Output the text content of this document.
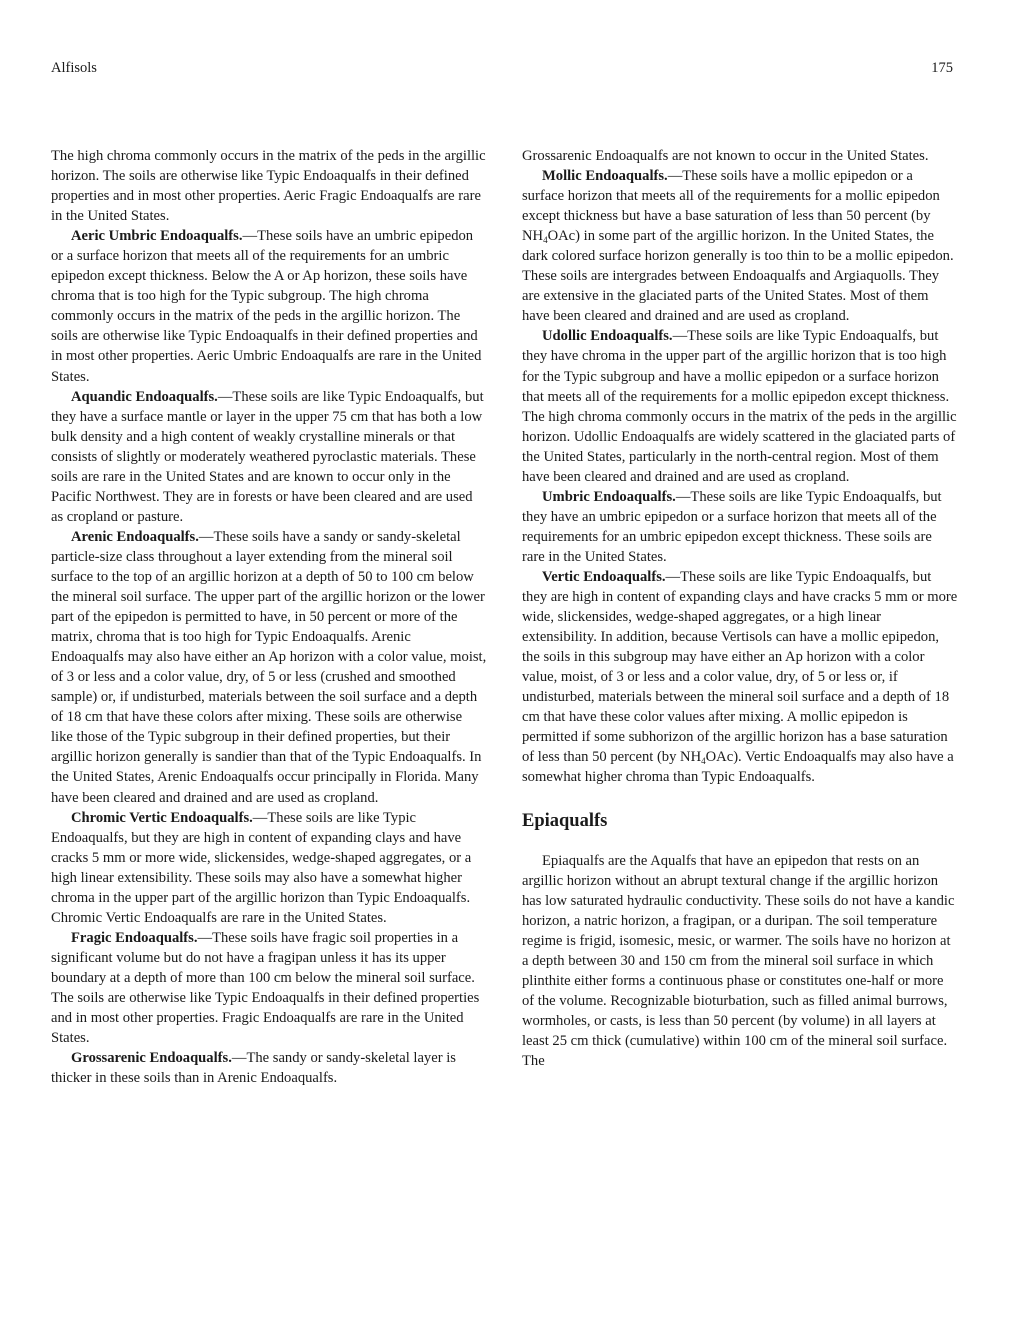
Alfisols	175

The high chroma commonly occurs in the matrix of the peds in the argillic horizon. The soils are otherwise like Typic Endoaqualfs in their defined properties and in most other properties. Aeric Fragic Endoaqualfs are rare in the United States.

Aeric Umbric Endoaqualfs.—These soils have an umbric epipedon or a surface horizon that meets all of the requirements for an umbric epipedon except thickness. Below the A or Ap horizon, these soils have chroma that is too high for the Typic subgroup. The high chroma commonly occurs in the matrix of the peds in the argillic horizon. The soils are otherwise like Typic Endoaqualfs in their defined properties and in most other properties. Aeric Umbric Endoaqualfs are rare in the United States.

Aquandic Endoaqualfs.—These soils are like Typic Endoaqualfs, but they have a surface mantle or layer in the upper 75 cm that has both a low bulk density and a high content of weakly crystalline minerals or that consists of slightly or moderately weathered pyroclastic materials. These soils are rare in the United States and are known to occur only in the Pacific Northwest. They are in forests or have been cleared and are used as cropland or pasture.

Arenic Endoaqualfs.—These soils have a sandy or sandy-skeletal particle-size class throughout a layer extending from the mineral soil surface to the top of an argillic horizon at a depth of 50 to 100 cm below the mineral soil surface. The upper part of the argillic horizon or the lower part of the epipedon is permitted to have, in 50 percent or more of the matrix, chroma that is too high for Typic Endoaqualfs. Arenic Endoaqualfs may also have either an Ap horizon with a color value, moist, of 3 or less and a color value, dry, of 5 or less (crushed and smoothed sample) or, if undisturbed, materials between the soil surface and a depth of 18 cm that have these colors after mixing. These soils are otherwise like those of the Typic subgroup in their defined properties, but their argillic horizon generally is sandier than that of the Typic Endoaqualfs. In the United States, Arenic Endoaqualfs occur principally in Florida. Many have been cleared and drained and are used as cropland.

Chromic Vertic Endoaqualfs.—These soils are like Typic Endoaqualfs, but they are high in content of expanding clays and have cracks 5 mm or more wide, slickensides, wedge-shaped aggregates, or a high linear extensibility. These soils may also have a somewhat higher chroma in the upper part of the argillic horizon than Typic Endoaqualfs. Chromic Vertic Endoaqualfs are rare in the United States.

Fragic Endoaqualfs.—These soils have fragic soil properties in a significant volume but do not have a fragipan unless it has its upper boundary at a depth of more than 100 cm below the mineral soil surface. The soils are otherwise like Typic Endoaqualfs in their defined properties and in most other properties. Fragic Endoaqualfs are rare in the United States.

Grossarenic Endoaqualfs.—The sandy or sandy-skeletal layer is thicker in these soils than in Arenic Endoaqualfs.

Grossarenic Endoaqualfs are not known to occur in the United States.

Mollic Endoaqualfs.—These soils have a mollic epipedon or a surface horizon that meets all of the requirements for a mollic epipedon except thickness but have a base saturation of less than 50 percent (by $NH_4OAc$) in some part of the argillic horizon. In the United States, the dark colored surface horizon generally is too thin to be a mollic epipedon. These soils are intergrades between Endoaqualfs and Argiaquolls. They are extensive in the glaciated parts of the United States. Most of them have been cleared and drained and are used as cropland.

Udollic Endoaqualfs.—These soils are like Typic Endoaqualfs, but they have chroma in the upper part of the argillic horizon that is too high for the Typic subgroup and have a mollic epipedon or a surface horizon that meets all of the requirements for a mollic epipedon except thickness. The high chroma commonly occurs in the matrix of the peds in the argillic horizon. Udollic Endoaqualfs are widely scattered in the glaciated parts of the United States, particularly in the north-central region. Most of them have been cleared and drained and are used as cropland.

Umbric Endoaqualfs.—These soils are like Typic Endoaqualfs, but they have an umbric epipedon or a surface horizon that meets all of the requirements for an umbric epipedon except thickness. These soils are rare in the United States.

Vertic Endoaqualfs.—These soils are like Typic Endoaqualfs, but they are high in content of expanding clays and have cracks 5 mm or more wide, slickensides, wedge-shaped aggregates, or a high linear extensibility. In addition, because Vertisols can have a mollic epipedon, the soils in this subgroup may have either an Ap horizon with a color value, moist, of 3 or less and a color value, dry, of 5 or less or, if undisturbed, materials between the mineral soil surface and a depth of 18 cm that have these color values after mixing. A mollic epipedon is permitted if some subhorizon of the argillic horizon has a base saturation of less than 50 percent (by $NH_4OAc$). Vertic Endoaqualfs may also have a somewhat higher chroma than Typic Endoaqualfs.

Epiaqualfs

Epiaqualfs are the Aqualfs that have an epipedon that rests on an argillic horizon without an abrupt textural change if the argillic horizon has low saturated hydraulic conductivity. These soils do not have a kandic horizon, a natric horizon, a fragipan, or a duripan. The soil temperature regime is frigid, isomesic, mesic, or warmer. The soils have no horizon at a depth between 30 and 150 cm from the mineral soil surface in which plinthite either forms a continuous phase or constitutes one-half or more of the volume. Recognizable bioturbation, such as filled animal burrows, wormholes, or casts, is less than 50 percent (by volume) in all layers at least 25 cm thick (cumulative) within 100 cm of the mineral soil surface. The
